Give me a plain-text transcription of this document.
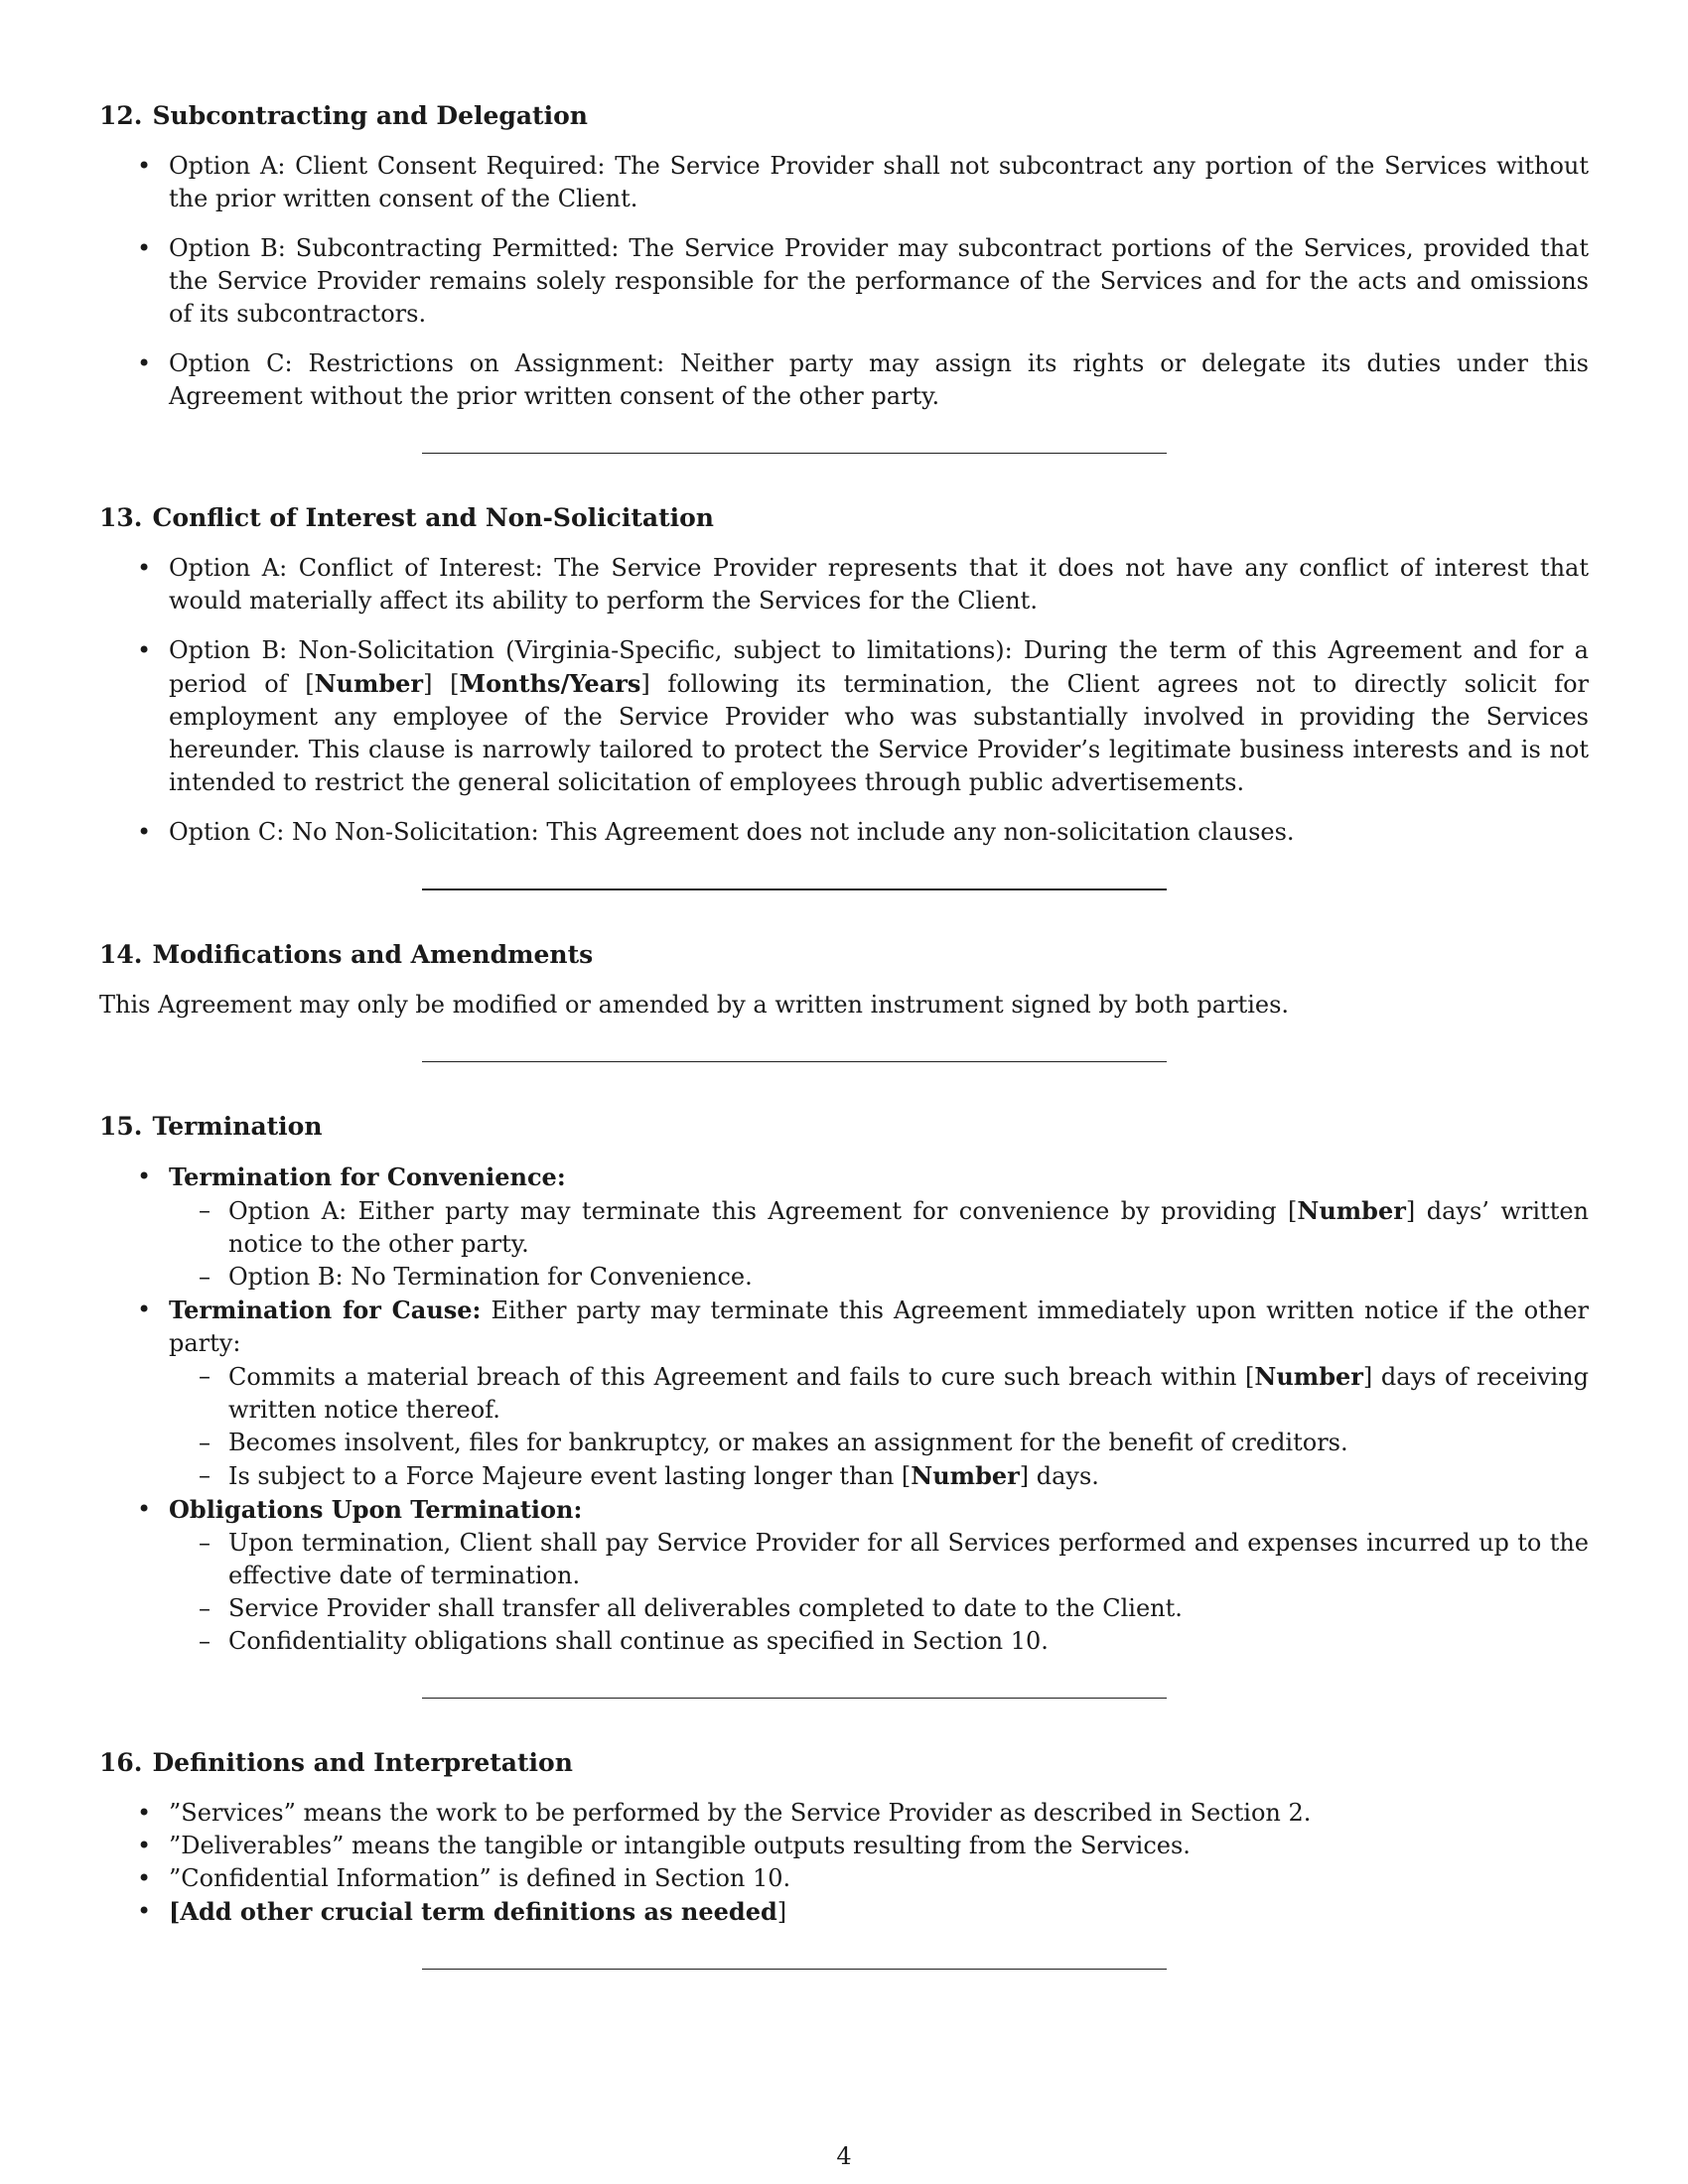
12. Subcontracting and Delegation
• Option A: Client Consent Required: The Service Provider shall not subcontract any portion of the Services without the prior written consent of the Client.
• Option B: Subcontracting Permitted: The Service Provider may subcontract portions of the Services, provided that the Service Provider remains solely responsible for the performance of the Services and for the acts and omissions of its subcontractors.
• Option C: Restrictions on Assignment: Neither party may assign its rights or delegate its duties under this Agreement without the prior written consent of the other party.
13. Conflict of Interest and Non-Solicitation
• Option A: Conflict of Interest: The Service Provider represents that it does not have any conflict of interest that would materially affect its ability to perform the Services for the Client.
• Option B: Non-Solicitation (Virginia-Specific, subject to limitations): During the term of this Agreement and for a period of [Number] [Months/Years] following its termination, the Client agrees not to directly solicit for employment any employee of the Service Provider who was substantially involved in providing the Services hereunder. This clause is narrowly tailored to protect the Service Provider’s legitimate business interests and is not intended to restrict the general solicitation of employees through public advertisements.
• Option C: No Non-Solicitation: This Agreement does not include any non-solicitation clauses.
14. Modifications and Amendments
This Agreement may only be modified or amended by a written instrument signed by both parties.
15. Termination
• Termination for Convenience:
– Option A: Either party may terminate this Agreement for convenience by providing [Number] days’ written notice to the other party.
– Option B: No Termination for Convenience.
• Termination for Cause: Either party may terminate this Agreement immediately upon written notice if the other party:
– Commits a material breach of this Agreement and fails to cure such breach within [Number] days of receiving written notice thereof.
– Becomes insolvent, files for bankruptcy, or makes an assignment for the benefit of creditors.
– Is subject to a Force Majeure event lasting longer than [Number] days.
• Obligations Upon Termination:
– Upon termination, Client shall pay Service Provider for all Services performed and expenses incurred up to the effective date of termination.
– Service Provider shall transfer all deliverables completed to date to the Client.
– Confidentiality obligations shall continue as specified in Section 10.
16. Definitions and Interpretation
• ”Services” means the work to be performed by the Service Provider as described in Section 2.
• ”Deliverables” means the tangible or intangible outputs resulting from the Services.
• ”Confidential Information” is defined in Section 10.
• [Add other crucial term definitions as needed]
4
